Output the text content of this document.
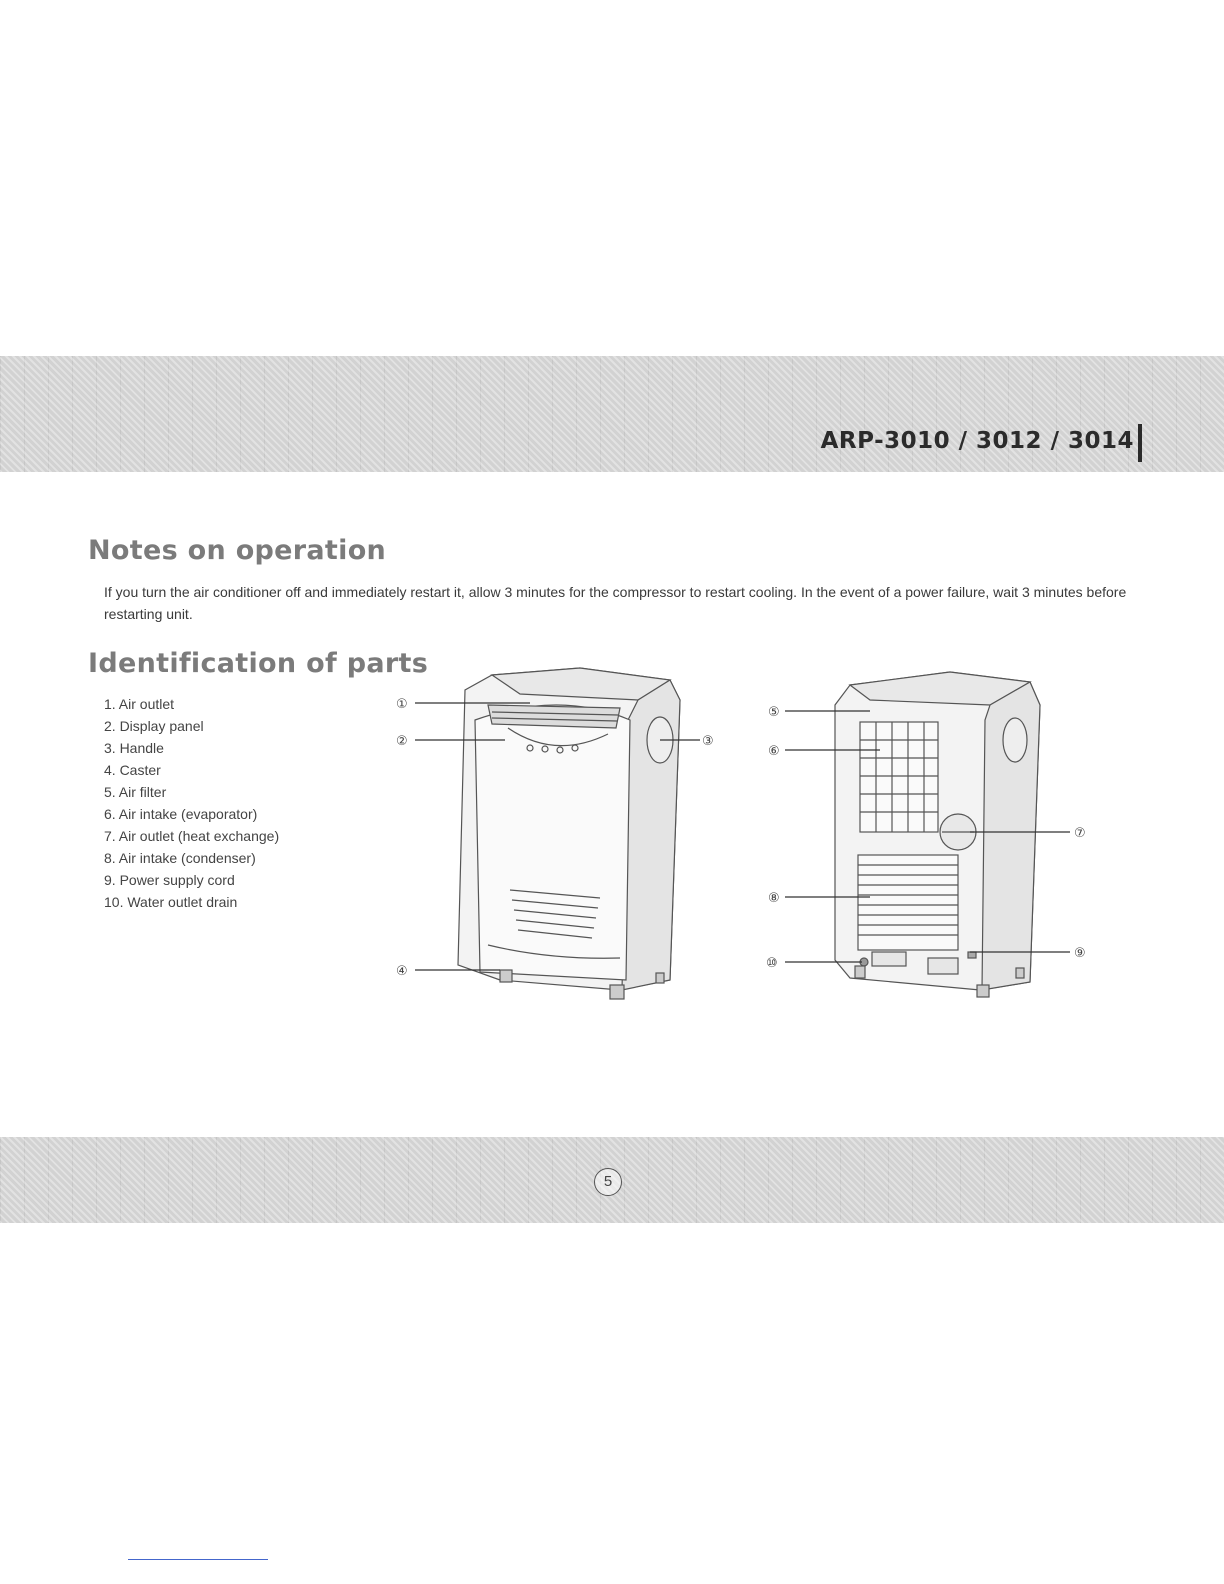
ARP-3010 / 3012 / 3014
Notes on operation

If you turn the air conditioner off and immediately restart it, allow 3 minutes for the compressor to restart cooling. In the event of a power failure, wait 3 minutes before restarting unit.

Identification of parts
1. Air outlet
2. Display panel
3. Handle
4. Caster
5. Air filter
6. Air intake (evaporator)
7. Air outlet (heat exchange)
8. Air intake (condenser)
9. Power supply cord
10. Water outlet drain
①
②	③
④
⑤
⑥
⑦
⑧
⑨
⑩
5
